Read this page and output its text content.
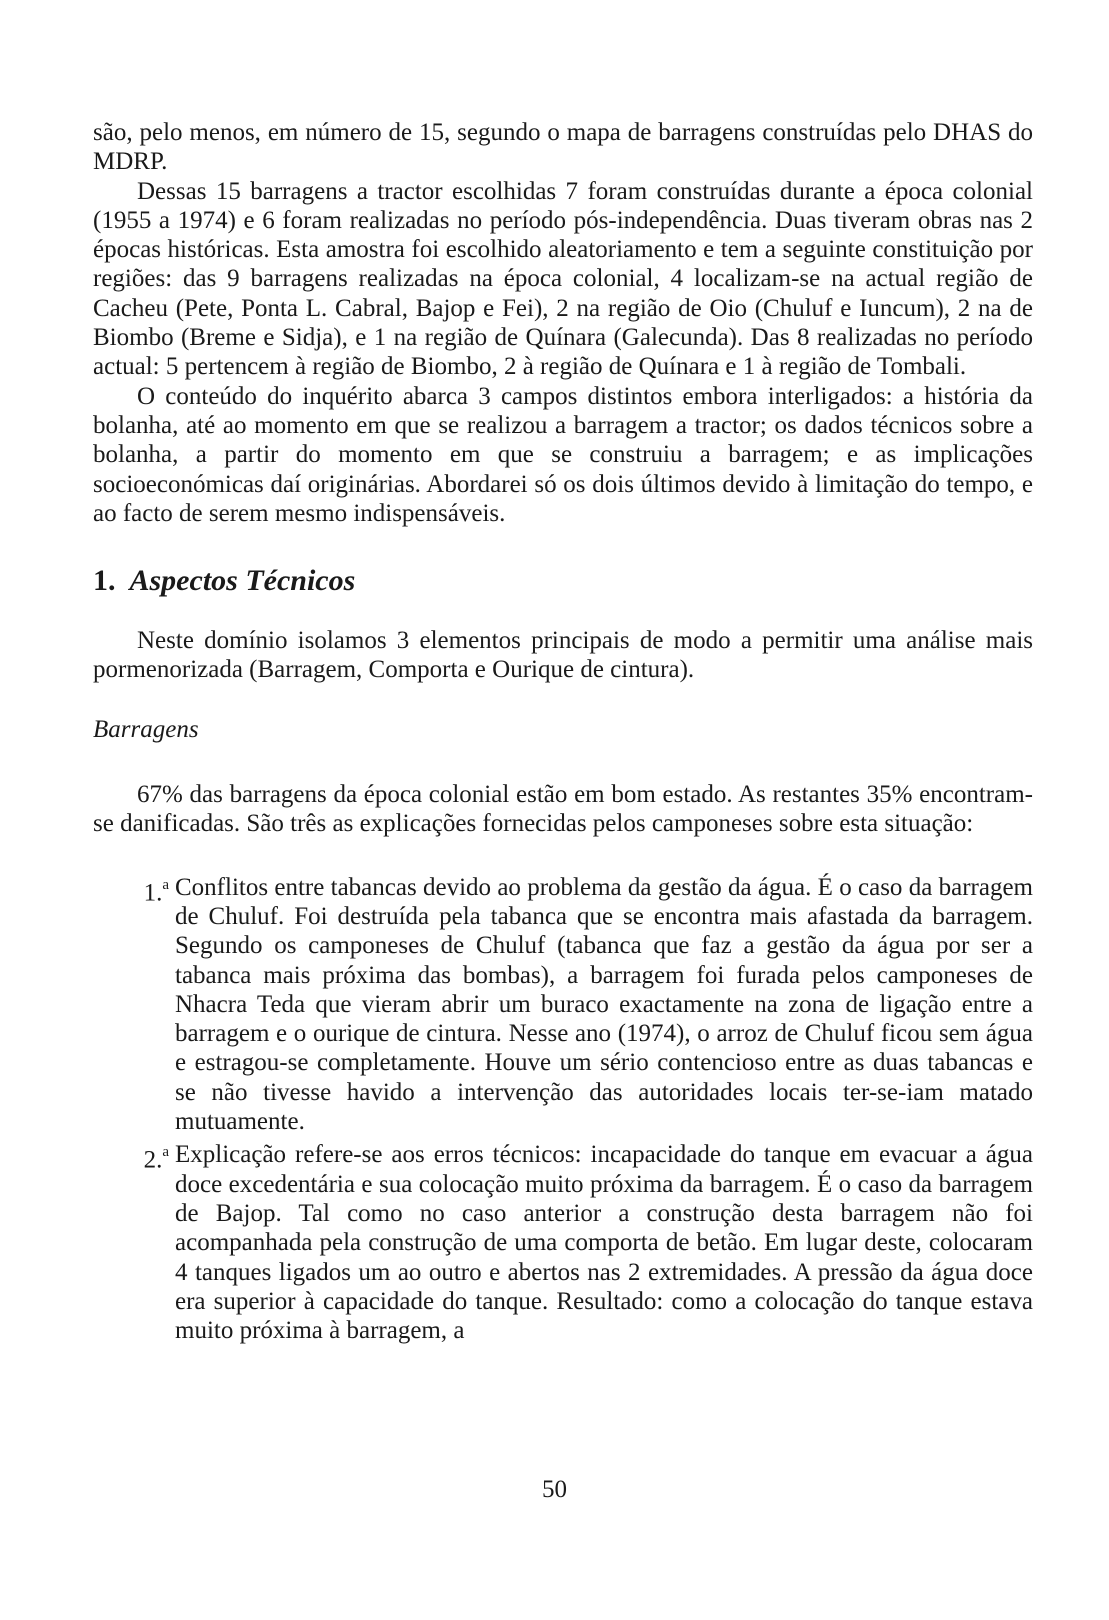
são, pelo menos, em número de 15, segundo o mapa de barragens construídas pelo DHAS do MDRP.

Dessas 15 barragens a tractor escolhidas 7 foram construídas durante a época colonial (1955 a 1974) e 6 foram realizadas no período pós-independência. Duas tiveram obras nas 2 épocas históricas. Esta amostra foi escolhido aleatoriamento e tem a seguinte constituição por regiões: das 9 barragens realizadas na época colonial, 4 localizam-se na actual região de Cacheu (Pete, Ponta L. Cabral, Bajop e Fei), 2 na região de Oio (Chuluf e Iuncum), 2 na de Biombo (Breme e Sidja), e 1 na região de Quínara (Galecunda). Das 8 realizadas no período actual: 5 pertencem à região de Biombo, 2 à região de Quínara e 1 à região de Tombali.

O conteúdo do inquérito abarca 3 campos distintos embora interligados: a história da bolanha, até ao momento em que se realizou a barragem a tractor; os dados técnicos sobre a bolanha, a partir do momento em que se construiu a barragem; e as implicações socioeconómicas daí originárias. Abordarei só os dois últimos devido à limitação do tempo, e ao facto de serem mesmo indispensáveis.

1. Aspectos Técnicos

Neste domínio isolamos 3 elementos principais de modo a permitir uma análise mais pormenorizada (Barragem, Comporta e Ourique de cintura).

Barragens

67% das barragens da época colonial estão em bom estado. As restantes 35% encontram-se danificadas. São três as explicações fornecidas pelos camponeses sobre esta situação:

1.$^a$ Conflitos entre tabancas devido ao problema da gestão da água. É o caso da barragem de Chuluf. Foi destruída pela tabanca que se encontra mais afastada da barragem. Segundo os camponeses de Chuluf (tabanca que faz a gestão da água por ser a tabanca mais próxima das bombas), a barragem foi furada pelos camponeses de Nhacra Teda que vieram abrir um buraco exactamente na zona de ligação entre a barragem e o ourique de cintura. Nesse ano (1974), o arroz de Chuluf ficou sem água e estragou-se completamente. Houve um sério contencioso entre as duas tabancas e se não tivesse havido a intervenção das autoridades locais ter-se-iam matado mutuamente.
2.$^a$ Explicação refere-se aos erros técnicos: incapacidade do tanque em evacuar a água doce excedentária e sua colocação muito próxima da barragem. É o caso da barragem de Bajop. Tal como no caso anterior a construção desta barragem não foi acompanhada pela construção de uma comporta de betão. Em lugar deste, colocaram 4 tanques ligados um ao outro e abertos nas 2 extremidades. A pressão da água doce era superior à capacidade do tanque. Resultado: como a colocação do tanque estava muito próxima à barragem, a
50
